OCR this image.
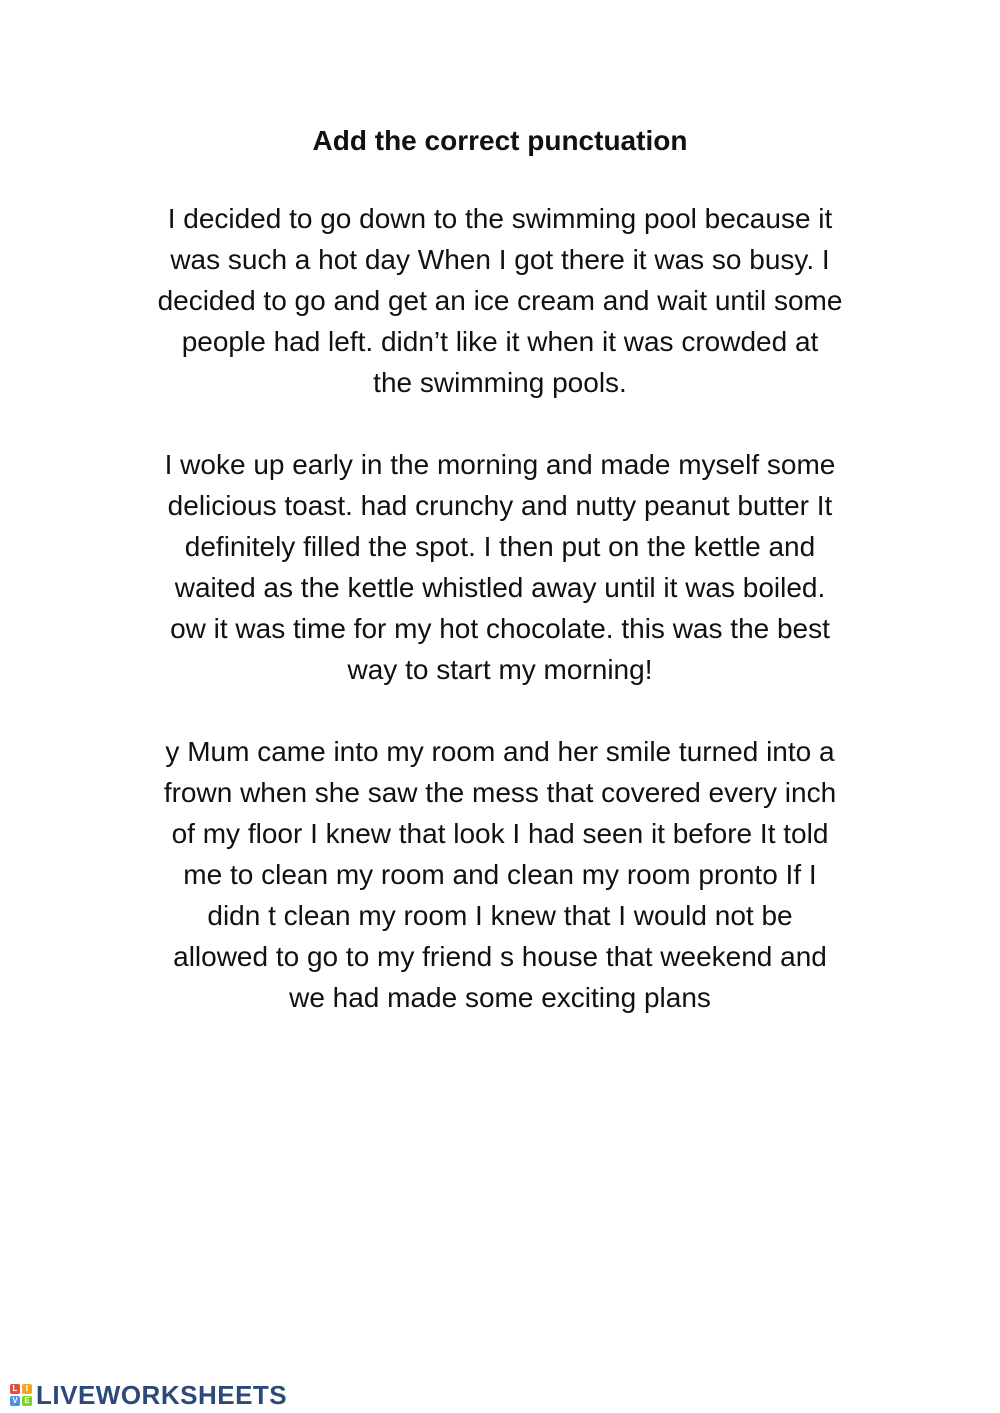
Add the correct punctuation
I decided to go down to the swimming pool because it
was such a hot day When I got there it was so busy. I
decided to go and get an ice cream and wait until some
people had left. didn’t like it when it was crowded at
the swimming pools.
I woke up early in the morning and made myself some
delicious toast. had crunchy and nutty peanut butter It
definitely filled the spot. I then put on the kettle and
waited as the kettle whistled away until it was boiled.
ow it was time for my hot chocolate. this was the best
way to start my morning!
y Mum came into my room and her smile turned into a
frown when she saw the mess that covered every inch
of my floor I knew that look I had seen it before It told
me to clean my room and clean my room pronto If I
didn t clean my room I knew that I would not be
allowed to go to my friend s house that weekend and
we had made some exciting plans
L	I
V E LIVEWORKSHEETS
